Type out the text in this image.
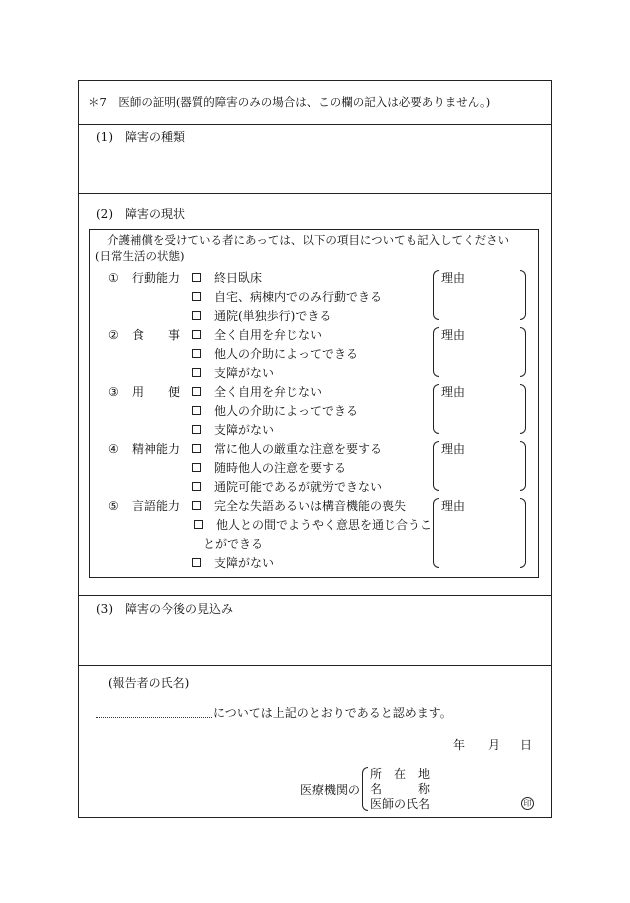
＊7　医師の証明(器質的障害のみの場合は、この欄の記入は必要ありません。)
(1)　障害の種類
(2)　障害の現状
介護補償を受けている者にあっては、以下の項目についても記入してください
(日常生活の状態)
① 行動能力	終日臥床
自宅、病棟内でのみ行動できる
通院(単独歩行)できる
理由
② 食　　事	全く自用を弁じない
他人の介助によってできる
支障がない
理由
③ 用　　便	全く自用を弁じない
他人の介助によってできる
支障がない
理由
④ 精神能力	常に他人の厳重な注意を要する
随時他人の注意を要する
通院可能であるが就労できない
理由
⑤ 言語能力	完全な失語あるいは構音機能の喪失
他人との間でようやく意思を通じ合うこ
とができる
支障がない
理由
(3)　障害の今後の見込み
(報告者の氏名)
については上記のとおりであると認めます。
年 月 日
医療機関の
所　在　地
名　　　称
医師の氏名	印
